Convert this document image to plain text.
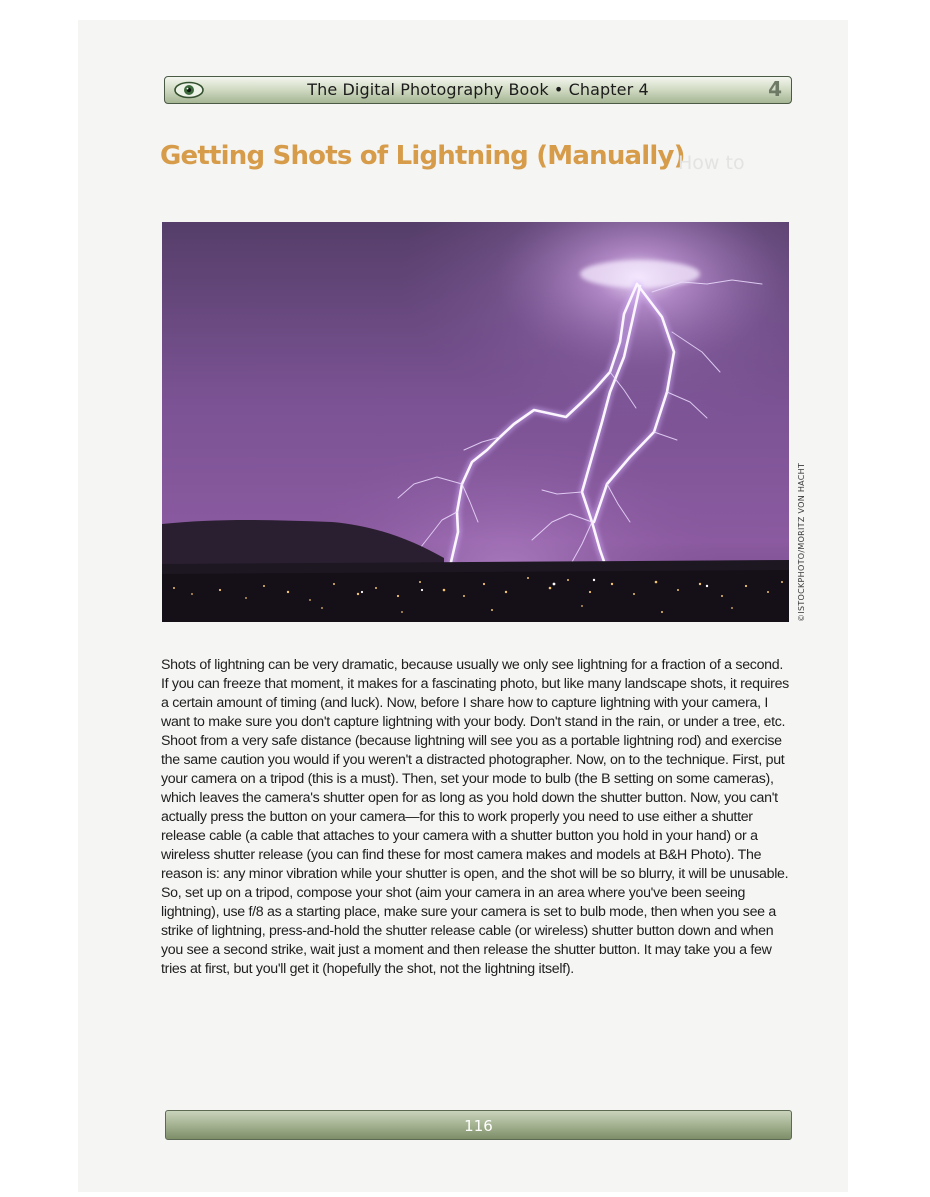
The Digital Photography Book • Chapter 4	4
Getting Shots of Lightning (Manually)
How to
©ISTOCKPHOTO/MORITZ VON HACHT

Shots of lightning can be very dramatic, because usually we only see lightning for a fraction of a second. If you can freeze that moment, it makes for a fascinating photo, but like many landscape shots, it requires a certain amount of timing (and luck). Now, before I share how to capture lightning with your camera, I want to make sure you don't capture lightning with your body. Don't stand in the rain, or under a tree, etc. Shoot from a very safe distance (because lightning will see you as a portable lightning rod) and exercise the same caution you would if you weren't a distracted photographer. Now, on to the technique. First, put your camera on a tripod (this is a must). Then, set your mode to bulb (the B setting on some cameras), which leaves the camera's shutter open for as long as you hold down the shutter button. Now, you can't actually press the button on your camera—for this to work properly you need to use either a shutter release cable (a cable that attaches to your camera with a shutter button you hold in your hand) or a wireless shutter release (you can find these for most camera makes and models at B&H Photo). The reason is: any minor vibration while your shutter is open, and the shot will be so blurry, it will be unusable. So, set up on a tripod, compose your shot (aim your camera in an area where you've been seeing lightning), use f/8 as a starting place, make sure your camera is set to bulb mode, then when you see a strike of lightning, press-and-hold the shutter release cable (or wireless) shutter button down and when you see a second strike, wait just a moment and then release the shutter button. It may take you a few tries at first, but you'll get it (hopefully the shot, not the lightning itself).

116
